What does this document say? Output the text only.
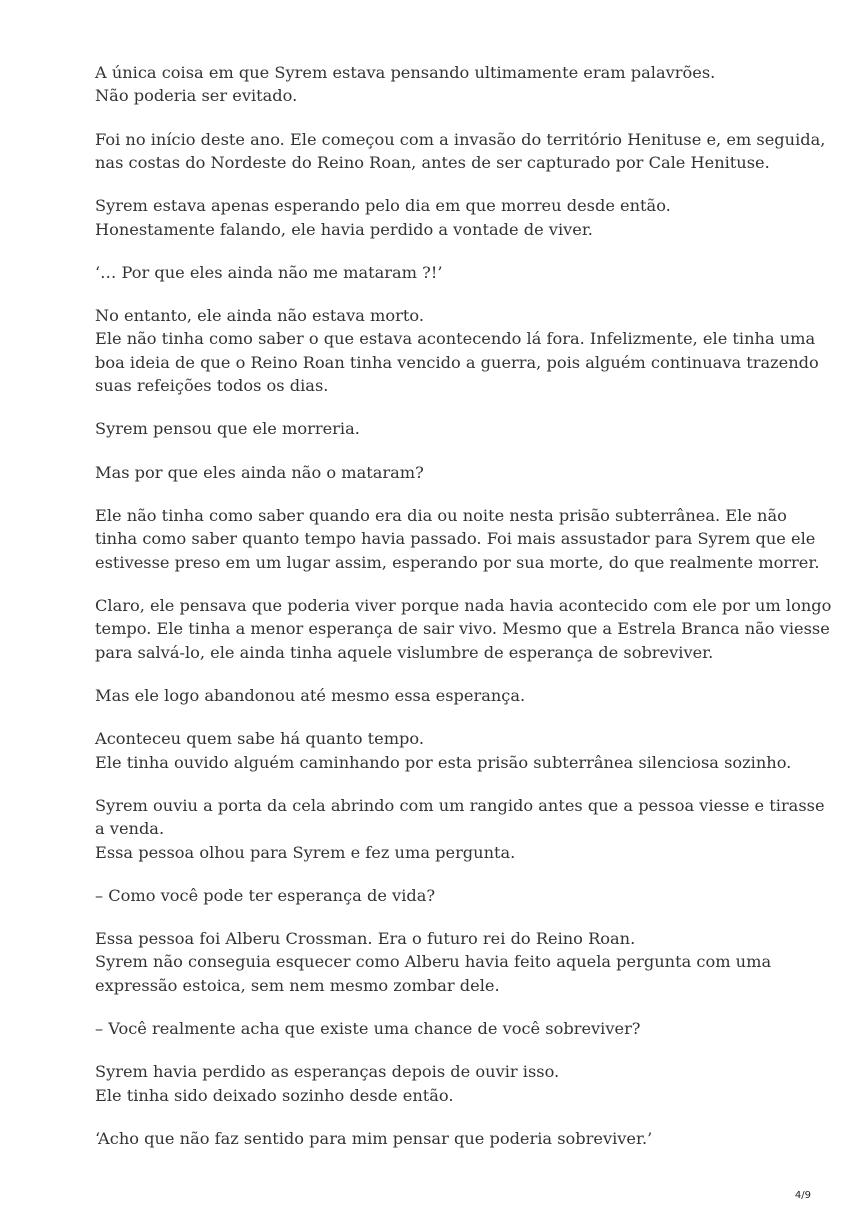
A única coisa em que Syrem estava pensando ultimamente eram palavrões.
Não poderia ser evitado.

Foi no início deste ano. Ele começou com a invasão do território Henituse e, em seguida,
nas costas do Nordeste do Reino Roan, antes de ser capturado por Cale Henituse.

Syrem estava apenas esperando pelo dia em que morreu desde então.
Honestamente falando, ele havia perdido a vontade de viver.

‘… Por que eles ainda não me mataram ?!’

No entanto, ele ainda não estava morto.
Ele não tinha como saber o que estava acontecendo lá fora. Infelizmente, ele tinha uma
boa ideia de que o Reino Roan tinha vencido a guerra, pois alguém continuava trazendo
suas refeições todos os dias.

Syrem pensou que ele morreria.

Mas por que eles ainda não o mataram?

Ele não tinha como saber quando era dia ou noite nesta prisão subterrânea. Ele não
tinha como saber quanto tempo havia passado. Foi mais assustador para Syrem que ele
estivesse preso em um lugar assim, esperando por sua morte, do que realmente morrer.

Claro, ele pensava que poderia viver porque nada havia acontecido com ele por um longo
tempo. Ele tinha a menor esperança de sair vivo. Mesmo que a Estrela Branca não viesse
para salvá-lo, ele ainda tinha aquele vislumbre de esperança de sobreviver.

Mas ele logo abandonou até mesmo essa esperança.

Aconteceu quem sabe há quanto tempo.
Ele tinha ouvido alguém caminhando por esta prisão subterrânea silenciosa sozinho.

Syrem ouviu a porta da cela abrindo com um rangido antes que a pessoa viesse e tirasse
a venda.
Essa pessoa olhou para Syrem e fez uma pergunta.

– Como você pode ter esperança de vida?

Essa pessoa foi Alberu Crossman. Era o futuro rei do Reino Roan.
Syrem não conseguia esquecer como Alberu havia feito aquela pergunta com uma
expressão estoica, sem nem mesmo zombar dele.

– Você realmente acha que existe uma chance de você sobreviver?

Syrem havia perdido as esperanças depois de ouvir isso.
Ele tinha sido deixado sozinho desde então.

‘Acho que não faz sentido para mim pensar que poderia sobreviver.’

4/9
